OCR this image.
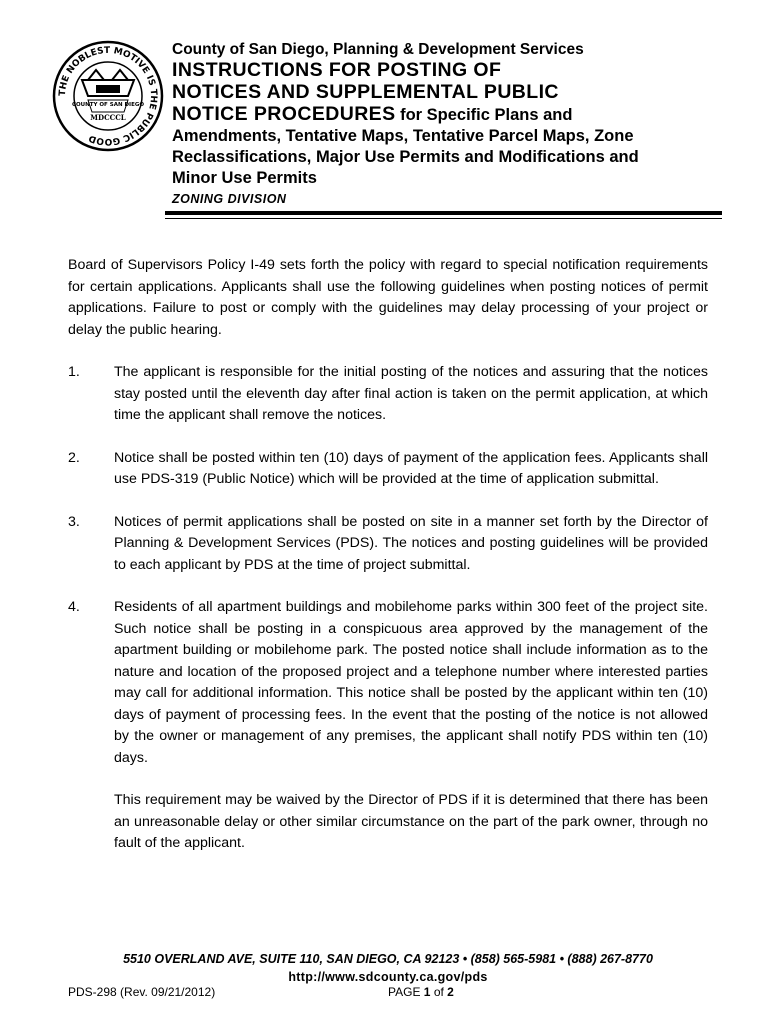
THE NOBLEST MOTIVE IS THE PUBLIC GOOD
COUNTY OF SAN DIEGO
MDCCCL
County of San Diego, Planning & Development Services
INSTRUCTIONS FOR POSTING OF
NOTICES AND SUPPLEMENTAL PUBLIC
NOTICE PROCEDURES for Specific Plans and
Amendments, Tentative Maps, Tentative Parcel Maps, Zone
Reclassifications, Major Use Permits and Modifications and
Minor Use Permits
ZONING DIVISION

Board of Supervisors Policy I-49 sets forth the policy with regard to special notification requirements for certain applications. Applicants shall use the following guidelines when posting notices of permit applications. Failure to post or comply with the guidelines may delay processing of your project or delay the public hearing.

1.	The applicant is responsible for the initial posting of the notices and assuring that the notices stay posted until the eleventh day after final action is taken on the permit application, at which time the applicant shall remove the notices.
2.	Notice shall be posted within ten (10) days of payment of the application fees. Applicants shall use PDS-319 (Public Notice) which will be provided at the time of application submittal.
3.	Notices of permit applications shall be posted on site in a manner set forth by the Director of Planning & Development Services (PDS). The notices and posting guidelines will be provided to each applicant by PDS at the time of project submittal.
4.	Residents of all apartment buildings and mobilehome parks within 300 feet of the project site. Such notice shall be posting in a conspicuous area approved by the management of the apartment building or mobilehome park. The posted notice shall include information as to the nature and location of the proposed project and a telephone number where interested parties may call for additional information. This notice shall be posted by the applicant within ten (10) days of payment of processing fees. In the event that the posting of the notice is not allowed by the owner or management of any premises, the applicant shall notify PDS within ten (10) days.

This requirement may be waived by the Director of PDS if it is determined that there has been an unreasonable delay or other similar circumstance on the part of the park owner, through no fault of the applicant.

5510 OVERLAND AVE, SUITE 110, SAN DIEGO, CA 92123 • (858) 565-5981 • (888) 267-8770
http://www.sdcounty.ca.gov/pds
PDS-298 (Rev. 09/21/2012)	PAGE 1 of 2
